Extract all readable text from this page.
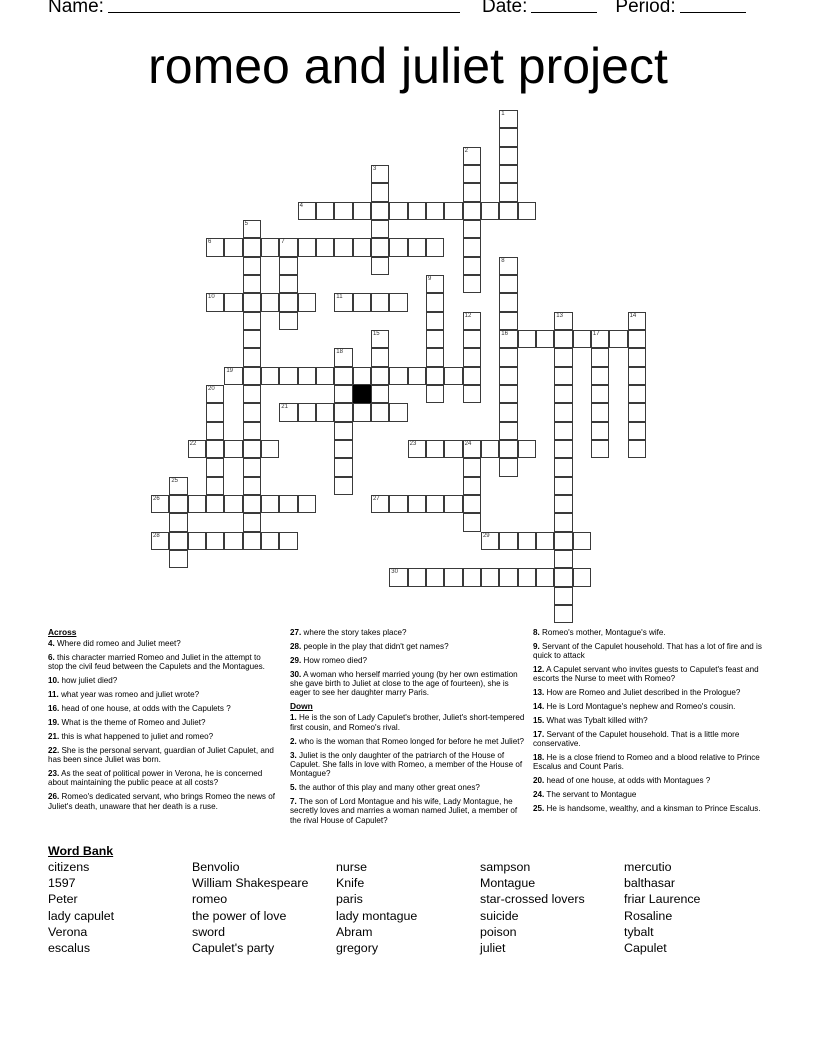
Name:	Date:	Period:
romeo and juliet project
1
2
3
4
5
6	7
8
16
9
10	11
12	13	14
15	17
18
19
20
21
22	23	24
25
26	27
28	29
30
Across
4. Where did romeo and Juliet meet?
6. this character married Romeo and Juliet in the attempt to stop the civil feud between the Capulets and the Montagues.
10. how juliet died?
11. what year was romeo and juliet wrote?
16. head of one house, at odds with the Capulets ?
19. What is the theme of Romeo and Juliet?
21. this is what happened to juliet and romeo?
22. She is the personal servant, guardian of Juliet Capulet, and has been since Juliet was born.
23. As the seat of political power in Verona, he is concerned about maintaining the public peace at all costs?
26. Romeo's dedicated servant, who brings Romeo the news of Juliet's death, unaware that her death is a ruse.
27. where the story takes place?
28. people in the play that didn't get names?
29. How romeo died?
30. A woman who herself married young (by her own estimation she gave birth to Juliet at close to the age of fourteen), she is eager to see her daughter marry Paris.
Down
1. He is the son of Lady Capulet's brother, Juliet's short-tempered first cousin, and Romeo's rival.
2. who is the woman that Romeo longed for before he met Juliet?
3. Juliet is the only daughter of the patriarch of the House of Capulet. She falls in love with Romeo, a member of the House of Montague?
5. the author of this play and many other great ones?
7. The son of Lord Montague and his wife, Lady Montague, he secretly loves and marries a woman named Juliet, a member of the rival House of Capulet?
8. Romeo's mother, Montague's wife.
9. Servant of the Capulet household. That has a lot of fire and is quick to attack
12. A Capulet servant who invites guests to Capulet's feast and escorts the Nurse to meet with Romeo?
13. How are Romeo and Juliet described in the Prologue?
14. He is Lord Montague's nephew and Romeo's cousin.
15. What was Tybalt killed with?
17. Servant of the Capulet household. That is a little more conservative.
18. He is a close friend to Romeo and a blood relative to Prince Escalus and Count Paris.
20. head of one house, at odds with Montagues ?
24. The servant to Montague
25. He is handsome, wealthy, and a kinsman to Prince Escalus.
Word Bank
citizens
1597
Peter
lady capulet
Verona
escalus
Benvolio
William Shakespeare
romeo
the power of love
sword
Capulet's party
nurse
Knife
paris
lady montague
Abram
gregory
sampson
Montague
star-crossed lovers
suicide
poison
juliet
mercutio
balthasar
friar Laurence
Rosaline
tybalt
Capulet
